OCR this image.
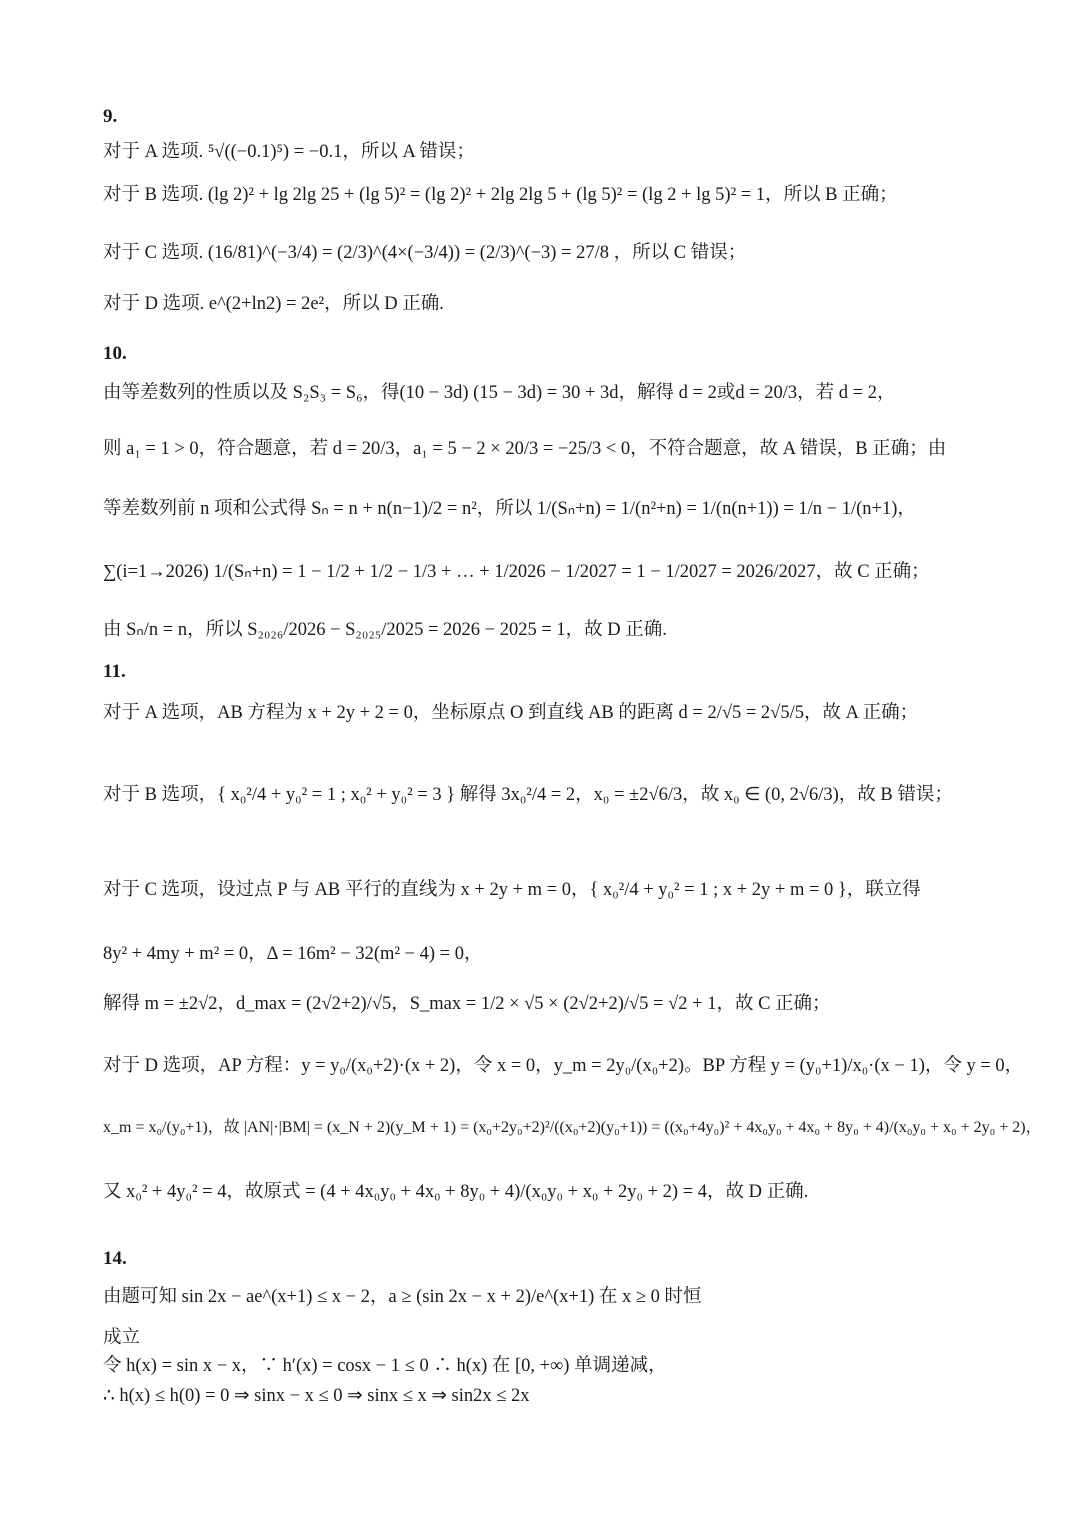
9.
对于 A 选项. ⁵√((−0.1)⁵) = −0.1，所以 A 错误；
对于 B 选项. (lg 2)² + lg 2lg 25 + (lg 5)² = (lg 2)² + 2lg 2lg 5 + (lg 5)² = (lg 2 + lg 5)² = 1，所以 B 正确；
对于 C 选项. (16/81)^(−3/4) = (2/3)^(4×(−3/4)) = (2/3)^(−3) = 27/8 ，所以 C 错误；
对于 D 选项. e^(2+ln2) = 2e²，所以 D 正确.
10.
由等差数列的性质以及 S₂S₃ = S₆，得(10 − 3d) (15 − 3d) = 30 + 3d，解得 d = 2或d = 20/3，若 d = 2，
则 a₁ = 1 > 0，符合题意，若 d = 20/3，a₁ = 5 − 2 × 20/3 = −25/3 < 0，不符合题意，故 A 错误，B 正确；由
等差数列前 n 项和公式得 Sₙ = n + n(n−1)/2 = n²，所以 1/(Sₙ+n) = 1/(n²+n) = 1/(n(n+1)) = 1/n − 1/(n+1)，
∑(i=1→2026) 1/(Sₙ+n) = 1 − 1/2 + 1/2 − 1/3 + … + 1/2026 − 1/2027 = 1 − 1/2027 = 2026/2027，故 C 正确；
由 Sₙ/n = n，所以 S₂₀₂₆/2026 − S₂₀₂₅/2025 = 2026 − 2025 = 1，故 D 正确.
11.
对于 A 选项，AB 方程为 x + 2y + 2 = 0，坐标原点 O 到直线 AB 的距离 d = 2/√5 = 2√5/5，故 A 正确；
对于 B 选项，{ x₀²/4 + y₀² = 1 ; x₀² + y₀² = 3 } 解得 3x₀²/4 = 2，x₀ = ±2√6/3，故 x₀ ∈ (0, 2√6/3)，故 B 错误；
对于 C 选项，设过点 P 与 AB 平行的直线为 x + 2y + m = 0，{ x₀²/4 + y₀² = 1 ; x + 2y + m = 0 }，联立得
8y² + 4my + m² = 0，Δ = 16m² − 32(m² − 4) = 0，
解得 m = ±2√2，d_max = (2√2+2)/√5，S_max = 1/2 × √5 × (2√2+2)/√5 = √2 + 1，故 C 正确；
对于 D 选项，AP 方程：y = y₀/(x₀+2)·(x + 2)，令 x = 0，y_m = 2y₀/(x₀+2)。BP 方程 y = (y₀+1)/x₀·(x − 1)，令 y = 0，
x_m = x₀/(y₀+1)，故 |AN|·|BM| = (x_N + 2)(y_M + 1) = (x₀+2y₀+2)²/((x₀+2)(y₀+1)) = ((x₀+4y₀)² + 4x₀y₀ + 4x₀ + 8y₀ + 4)/(x₀y₀ + x₀ + 2y₀ + 2)，
又 x₀² + 4y₀² = 4，故原式 = (4 + 4x₀y₀ + 4x₀ + 8y₀ + 4)/(x₀y₀ + x₀ + 2y₀ + 2) = 4，故 D 正确.
14.
由题可知 sin 2x − ae^(x+1) ≤ x − 2，a ≥ (sin 2x − x + 2)/e^(x+1) 在 x ≥ 0 时恒
成立
令 h(x) = sin x − x，∵ h′(x) = cosx − 1 ≤ 0 ∴ h(x) 在 [0, +∞) 单调递减，
∴ h(x) ≤ h(0) = 0 ⇒ sinx − x ≤ 0 ⇒ sinx ≤ x ⇒ sin2x ≤ 2x
